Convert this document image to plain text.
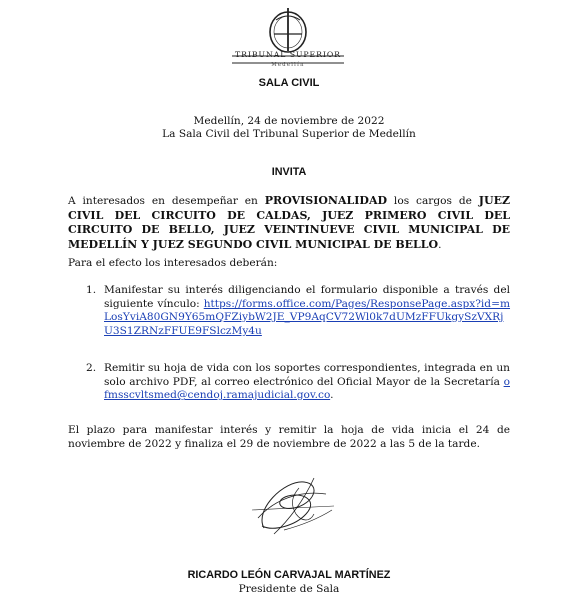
TRIBUNAL SUPERIOR
Medellín
SALA CIVIL
Medellín, 24 de noviembre de 2022
La Sala Civil del Tribunal Superior de Medellín
INVITA
A interesados en desempeñar en PROVISIONALIDAD los cargos de JUEZ CIVIL DEL CIRCUITO DE CALDAS, JUEZ PRIMERO CIVIL DEL CIRCUITO DE BELLO, JUEZ VEINTINUEVE CIVIL MUNICIPAL DE MEDELLÍN Y JUEZ SEGUNDO CIVIL MUNICIPAL DE BELLO.
Para el efecto los interesados deberán:
1. Manifestar su interés diligenciando el formulario disponible a través del siguiente vínculo: https://forms.office.com/Pages/ResponsePage.aspx?id=mLosYviA80GN9Y65mQFZiybW2JE_VP9AqCV72Wl0k7dUMzFFUkgySzVXRjU3S1ZRNzFFUE9FSlczMy4u
2. Remitir su hoja de vida con los soportes correspondientes, integrada en un solo archivo PDF, al correo electrónico del Oficial Mayor de la Secretaría ofmsscvltsmed@cendoj.ramajudicial.gov.co.
El plazo para manifestar interés y remitir la hoja de vida inicia el 24 de noviembre de 2022 y finaliza el 29 de noviembre de 2022 a las 5 de la tarde.
RICARDO LEÓN CARVAJAL MARTÍNEZ
Presidente de Sala
